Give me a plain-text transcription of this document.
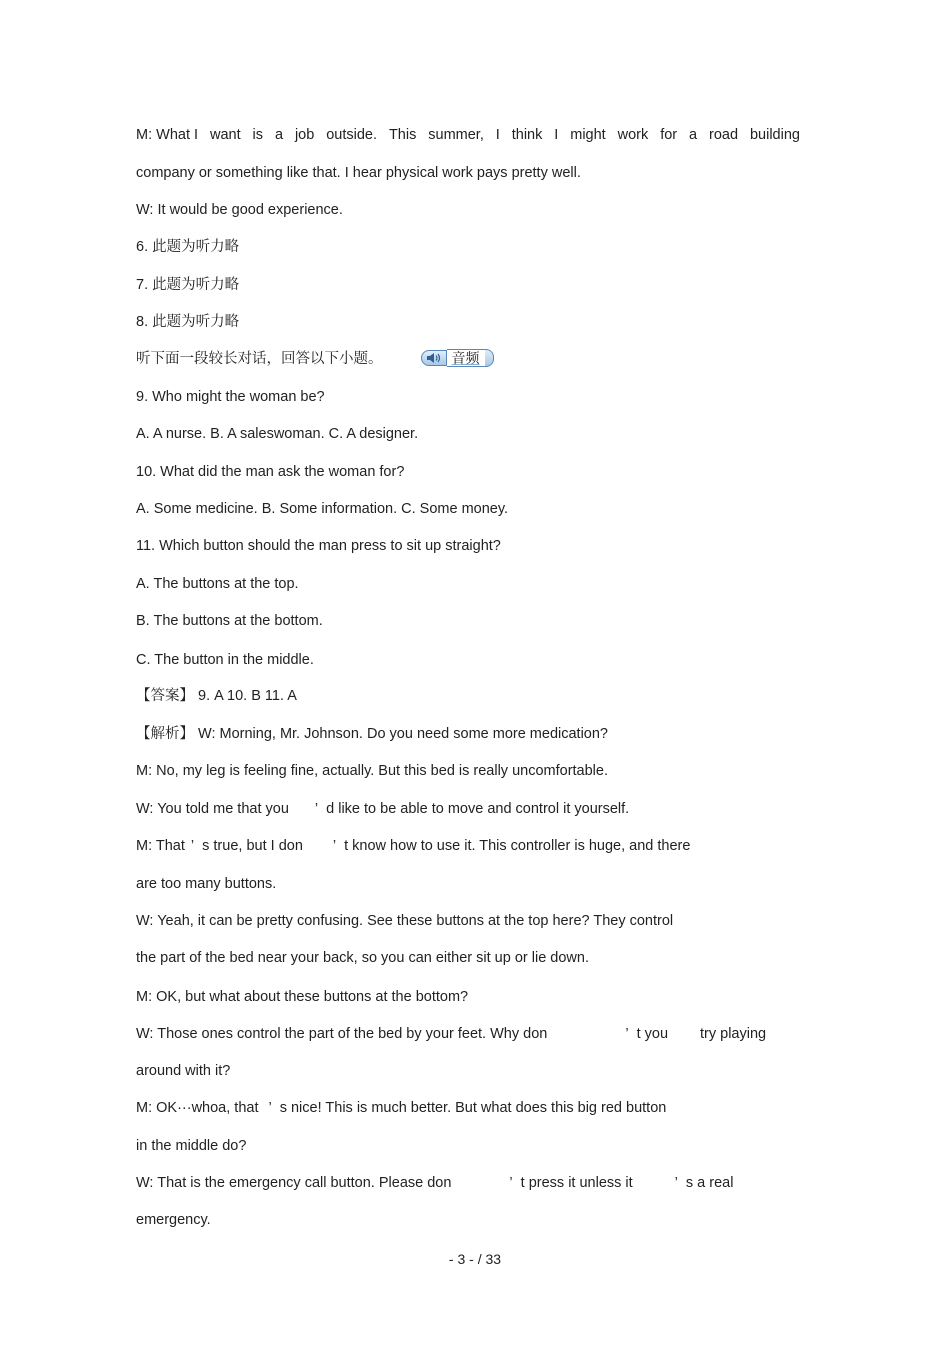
M: What I want is a job outside. This summer, I think I might work for a road building
company or something like that. I hear physical work pays pretty well.
W: It would be good experience.
6. 此题为听力略
7. 此题为听力略
8. 此题为听力略
听下面一段较长对话，回答以下小题。	音频
9. Who might the woman be?
A. A nurse. B. A saleswoman. C. A designer.
10. What did the man ask the woman for?
A. Some medicine. B. Some information. C. Some money.
11. Which button should the man press to sit up straight?
A. The buttons at the top.
B. The buttons at the bottom.
C. The button in the middle.
【答案】 9. A 10. B 11. A
【解析】 W: Morning, Mr. Johnson. Do you need some more medication?
M: No, my leg is feeling fine, actually. But this bed is really uncomfortable.
W: You told me that you ’ d like to be able to move and control it yourself.
M: That ’ s true, but I don ’ t know how to use it. This controller is huge, and there
are too many buttons.
W: Yeah, it can be pretty confusing. See these buttons at the top here? They control
the part of the bed near your back, so you can either sit up or lie down.
M: OK, but what about these buttons at the bottom?
W: Those ones control the part of the bed by your feet. Why don	’ t you try playing
around with it?
M: OK···whoa, that ’ s nice! This is much better. But what does this big red button
in the middle do?
W: That is the emergency call button. Please don	’ t press it unless it	’ s a real
emergency.
- 3 - / 33
